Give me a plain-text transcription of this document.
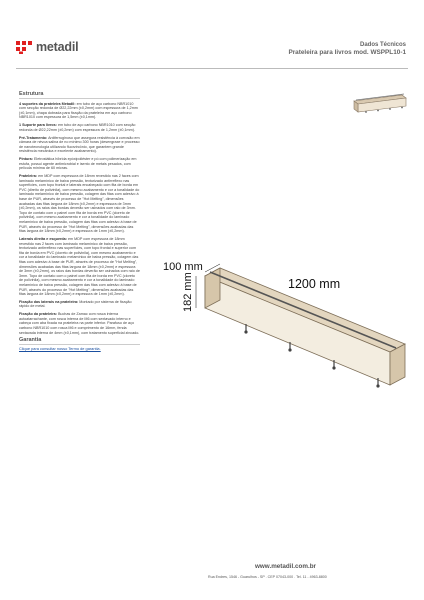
metadil	Dados Técnicos
Prateleira para livros mod. WSPPL10-1
Estrutura

4 suportes da prateleira Metadil: em tubo de aço carbono NBR1010 com secção redonda de Ø22,22mm (±0,2mm) com espessura de 1,2mm (±0,1mm), chapa dobrada para fixação da prateleira em aço carbono NBR1010 com espessura de 1,5mm (±0,1mm).

1 Suporte para livros: em tubo de aço carbono NBR1010 com secção redonda de Ø22,22mm (±0,2mm) com espessura de 1,2mm (±0,1mm).

Pré-Tratamento: Antiferruginoso que assegura resistência à corrosão em câmara de névoa salina de no mínimo 300 horas (desengraxe e processo de nanotecnologia utilizando fluorzircônio, que garantem grande resistência mecânica e excelente acabamento).

Pintura: Eletrostática híbrida epóxipoliéster e pó com polimerização em estufa, possui agente antimicrobial e isento de metais pesados, com película mínima de 60 micras.

Prateleira: em MDP com espessura de 18mm revestido nas 2 faces com laminado melamínico de baixa pressão, texturizado antirreflexo nas superfícies, com topo frontal e laterais encabeçado com fita de borda em PVC (direito de polivinila), com mesmo acabamento e cor a tonalidade do laminado melamínico de baixa pressão, colagem das fitas com adesivo à base de PUR, através de processo de "Hot Melting", dimensões acabadas das fitas largura de 18mm (±0,2mm) e espessura de 3mm (±0,2mm), os raios das bordas deverão ser usinados com raio de 3mm. Topo de contato com o painel com fita de borda em PVC (cloreto de polivinila), com mesmo acabamento e cor a tonalidade do laminado melamínico de baixa pressão, colagem das fitas com adesivo à base de PUR, através do processo de "Hot Melting", dimensões acabadas das fitas largura de 18mm (±0,2mm) e espessura de 1mm (±0,2mm).

Laterais direita e esquerda: em MDP com espessura de 18mm revestido nas 2 faces com laminado melamínico de baixa pressão, texturizado antirreflexo nas superfícies, com topo frontal e superior com fita de borda em PVC (cloreto de polivinila), com mesmo acabamento e cor a tonalidade do laminado melamínico de baixa pressão, colagem das fitas com adesivo à base de PUR, através de processo de "Hot Melting", dimensões acabadas das fitas largura de 18mm (±0,2mm) e espessura de 3mm (±0,2mm), os raios das bordas deverão ser usinados com raio de 3mm. Topo de contato com o painel com fita de borda em PVC (cloreto de polivinila), com mesmo acabamento e cor a tonalidade do laminado melamínico de baixa pressão, colagem das fitas com adesivo à base de PUR, através do processo de "Hot Melting", dimensões acabadas das fitas largura de 18mm (±0,2mm) e espessura de 1mm (±0,2mm).

Fixação das laterais na prateleira: Montado por sistema de fixação rápido de metal.

Fixação da prateleira: Buchas de Zamac com rosca interna autoatarrachante, com rosca interna de M6 com sextavado interno e cabeça com aba fixada na prateleira na parte inferior. Parafuso de aço carbono NBR1010 com rosca M6 e comprimento de 16mm, fenda sextavada interna de 4mm (±0,1mm), com tratamento superficial zincado.

Garantia
Clique para consultar nosso Termo de garantia.
100 mm
182 mm	1200 mm
www.metadil.com.br
Rua Endres, 1546 - Guarulhos - SP . CEP 07043-000 . Tel. 11 - 4963-8800
